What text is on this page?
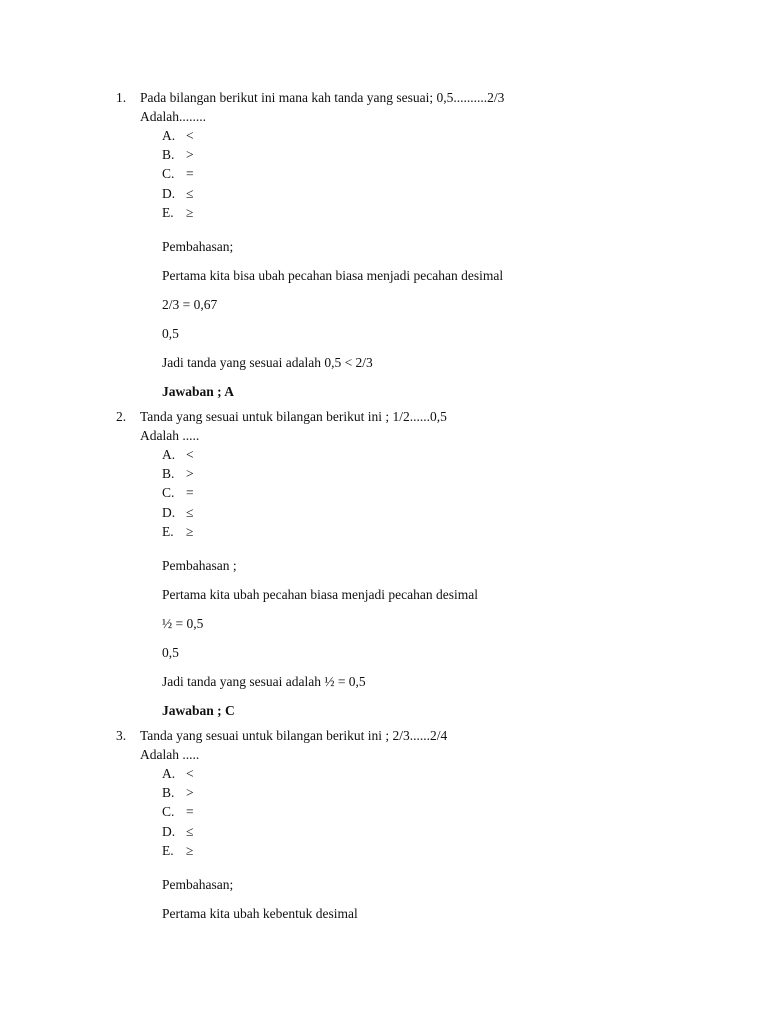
1. Pada bilangan berikut ini mana kah tanda yang sesuai; 0,5..........2/3
Adalah........
A. <
B. >
C. =
D. ≤
E. ≥
Pembahasan;
Pertama kita bisa ubah pecahan biasa menjadi pecahan desimal
2/3 = 0,67
0,5
Jadi tanda yang sesuai adalah 0,5 < 2/3
Jawaban ; A
2. Tanda yang sesuai untuk bilangan berikut ini ; 1/2......0,5
Adalah .....
A. <
B. >
C. =
D. ≤
E. ≥
Pembahasan ;
Pertama kita ubah pecahan biasa menjadi pecahan desimal
½ = 0,5
0,5
Jadi tanda yang sesuai adalah ½ = 0,5
Jawaban ; C
3. Tanda yang sesuai untuk bilangan berikut ini ; 2/3......2/4
Adalah .....
A. <
B. >
C. =
D. ≤
E. ≥
Pembahasan;
Pertama kita ubah kebentuk desimal
